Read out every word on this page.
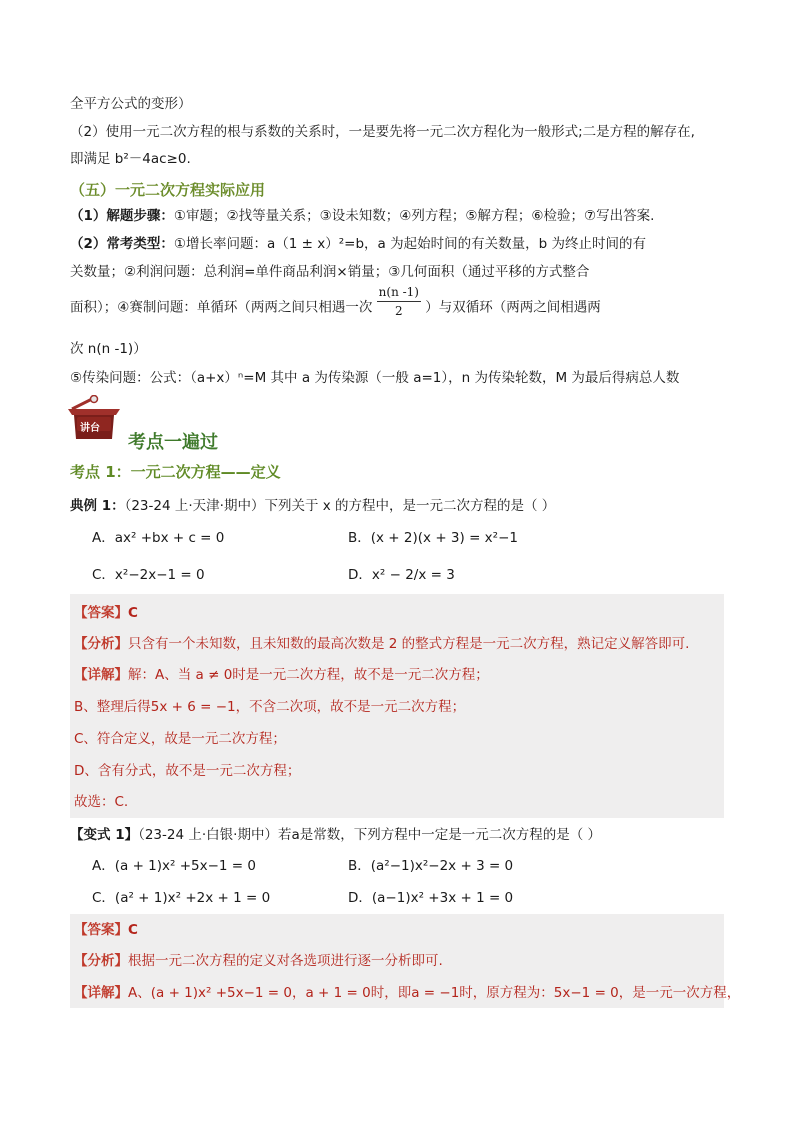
全平方公式的变形）
（2）使用一元二次方程的根与系数的关系时，一是要先将一元二次方程化为一般形式;二是方程的解存在,
即满足 b²－4ac≥0.
（五）一元二次方程实际应用
（1）解题步骤：①审题；②找等量关系；③设未知数；④列方程；⑤解方程；⑥检验；⑦写出答案.
（2）常考类型：①增长率问题：a（1 ± x）²=b，a 为起始时间的有关数量，b 为终止时间的有
关数量；②利润问题：总利润=单件商品利润×销量；③几何面积（通过平移的方式整合
面积）；④赛制问题：单循环（两两之间只相遇一次 $\frac{n(n -1)}{2}$ ）与双循环（两两之间相遇两
次 n(n -1)）
⑤传染问题：公式：（a+x）ⁿ=M 其中 a 为传染源（一般 a=1），n 为传染轮数，M 为最后得病总人数
讲台
考点一遍过
考点 1：一元二次方程——定义
典例 1：（23-24 上·天津·期中）下列关于 x 的方程中，是一元二次方程的是（ ）
A．ax² +bx + c = 0	B．(x + 2)(x + 3) = x²−1
C．x²−2x−1 = 0	D．x² − 2/x = 3
【答案】C
【分析】只含有一个未知数，且未知数的最高次数是 2 的整式方程是一元二次方程，熟记定义解答即可.
【详解】解：A、当 a ≠ 0时是一元二次方程，故不是一元二次方程；
B、整理后得5x + 6 = −1，不含二次项，故不是一元二次方程；
C、符合定义，故是一元二次方程；
D、含有分式，故不是一元二次方程；
故选：C.
【变式 1】（23-24 上·白银·期中）若a是常数，下列方程中一定是一元二次方程的是（ ）
A．(a + 1)x² +5x−1 = 0	B．(a²−1)x²−2x + 3 = 0
C．(a² + 1)x² +2x + 1 = 0	D．(a−1)x² +3x + 1 = 0
【答案】C
【分析】根据一元二次方程的定义对各选项进行逐一分析即可.
【详解】A、(a + 1)x² +5x−1 = 0，a + 1 = 0时，即a = −1时，原方程为：5x−1 = 0，是一元一次方程，
